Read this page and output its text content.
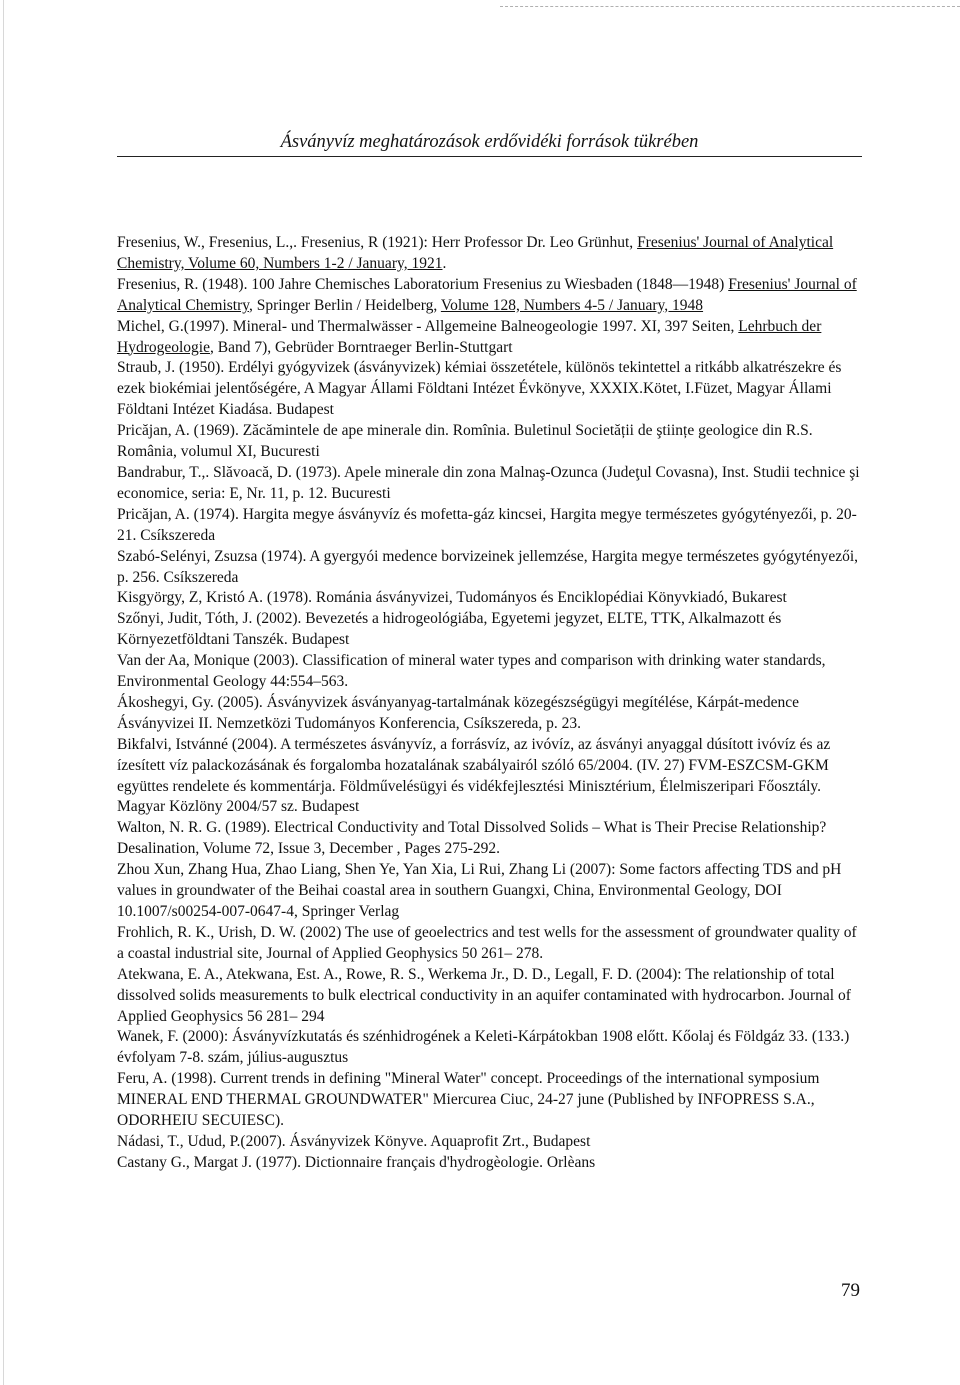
Ásványvíz meghatározások erdővidéki források tükrében

Fresenius, W., Fresenius, L.,. Fresenius, R (1921): Herr Professor Dr. Leo Grünhut, Fresenius' Journal of Analytical Chemistry, Volume 60, Numbers 1-2 / January, 1921.

Fresenius, R. (1948). 100 Jahre Chemisches Laboratorium Fresenius zu Wiesbaden (1848—1948) Fresenius' Journal of Analytical Chemistry, Springer Berlin / Heidelberg, Volume 128, Numbers 4-5 / January, 1948

Michel, G.(1997). Mineral- und Thermalwässer - Allgemeine Balneogeologie 1997. XI, 397 Seiten, Lehrbuch der Hydrogeologie, Band 7), Gebrüder Borntraeger Berlin-Stuttgart

Straub, J. (1950). Erdélyi gyógyvizek (ásványvizek) kémiai összetétele, különös tekintettel a ritkább alkatrészekre és ezek biokémiai jelentőségére, A Magyar Állami Földtani Intézet Évkönyve, XXXIX.Kötet, I.Füzet, Magyar Állami Földtani Intézet Kiadása. Budapest

Pricăjan, A. (1969). Zăcămintele de ape minerale din. Romînia. Buletinul Societății de ştiințe geologice din R.S. România, volumul XI, Bucuresti

Bandrabur, T.,. Slăvoacă, D. (1973). Apele minerale din zona Malnaş-Ozunca (Judeţul Covasna), Inst. Studii technice şi economice, seria: E, Nr. 11, p. 12. Bucuresti

Pricăjan, A. (1974). Hargita megye ásványvíz és mofetta-gáz kincsei, Hargita megye természetes gyógytényezői, p. 20-21. Csíkszereda

Szabó-Selényi, Zsuzsa (1974). A gyergyói medence borvizeinek jellemzése, Hargita megye természetes gyógytényezői, p. 256. Csíkszereda

Kisgyörgy, Z, Kristó A. (1978). Románia ásványvizei, Tudományos és Enciklopédiai Könyvkiadó, Bukarest

Szőnyi, Judit, Tóth, J. (2002). Bevezetés a hidrogeológiába, Egyetemi jegyzet, ELTE, TTK, Alkalmazott és Környezetföldtani Tanszék. Budapest

Van der Aa, Monique (2003). Classification of mineral water types and comparison with drinking water standards, Environmental Geology 44:554–563.

Ákoshegyi, Gy. (2005). Ásványvizek ásványanyag-tartalmának közegészségügyi megítélése, Kárpát-medence Ásványvizei II. Nemzetközi Tudományos Konferencia, Csíkszereda, p. 23.

Bikfalvi, Istvánné (2004). A természetes ásványvíz, a forrásvíz, az ivóvíz, az ásványi anyaggal dúsított ivóvíz és az ízesített víz palackozásának és forgalomba hozatalának szabályairól szóló 65/2004. (IV. 27) FVM-ESZCSM-GKM együttes rendelete és kommentárja. Földművelésügyi és vidékfejlesztési Minisztérium, Élelmiszeripari Főosztály. Magyar Közlöny 2004/57 sz. Budapest

Walton, N. R. G. (1989). Electrical Conductivity and Total Dissolved Solids – What is Their Precise Relationship? Desalination, Volume 72, Issue 3, December , Pages 275-292.

Zhou Xun, Zhang Hua, Zhao Liang, Shen Ye, Yan Xia, Li Rui, Zhang Li (2007): Some factors affecting TDS and pH values in groundwater of the Beihai coastal area in southern Guangxi, China, Environmental Geology, DOI 10.1007/s00254-007-0647-4, Springer Verlag

Frohlich, R. K., Urish, D. W. (2002) The use of geoelectrics and test wells for the assessment of groundwater quality of a coastal industrial site, Journal of Applied Geophysics 50 261– 278.

Atekwana, E. A., Atekwana, Est. A., Rowe, R. S., Werkema Jr., D. D., Legall, F. D. (2004): The relationship of total dissolved solids measurements to bulk electrical conductivity in an aquifer contaminated with hydrocarbon. Journal of Applied Geophysics 56 281– 294

Wanek, F. (2000): Ásványvízkutatás és szénhidrogének a Keleti-Kárpátokban 1908 előtt. Kőolaj és Földgáz 33. (133.) évfolyam 7-8. szám, július-augusztus

Feru, A. (1998). Current trends in defining "Mineral Water" concept. Proceedings of the international symposium MINERAL END THERMAL GROUNDWATER" Miercurea Ciuc, 24-27 june (Published by INFOPRESS S.A., ODORHEIU SECUIESC).

Nádasi, T., Udud, P.(2007). Ásványvizek Könyve. Aquaprofit Zrt., Budapest

Castany G., Margat J. (1977). Dictionnaire français d'hydrogèologie. Orlèans

79
